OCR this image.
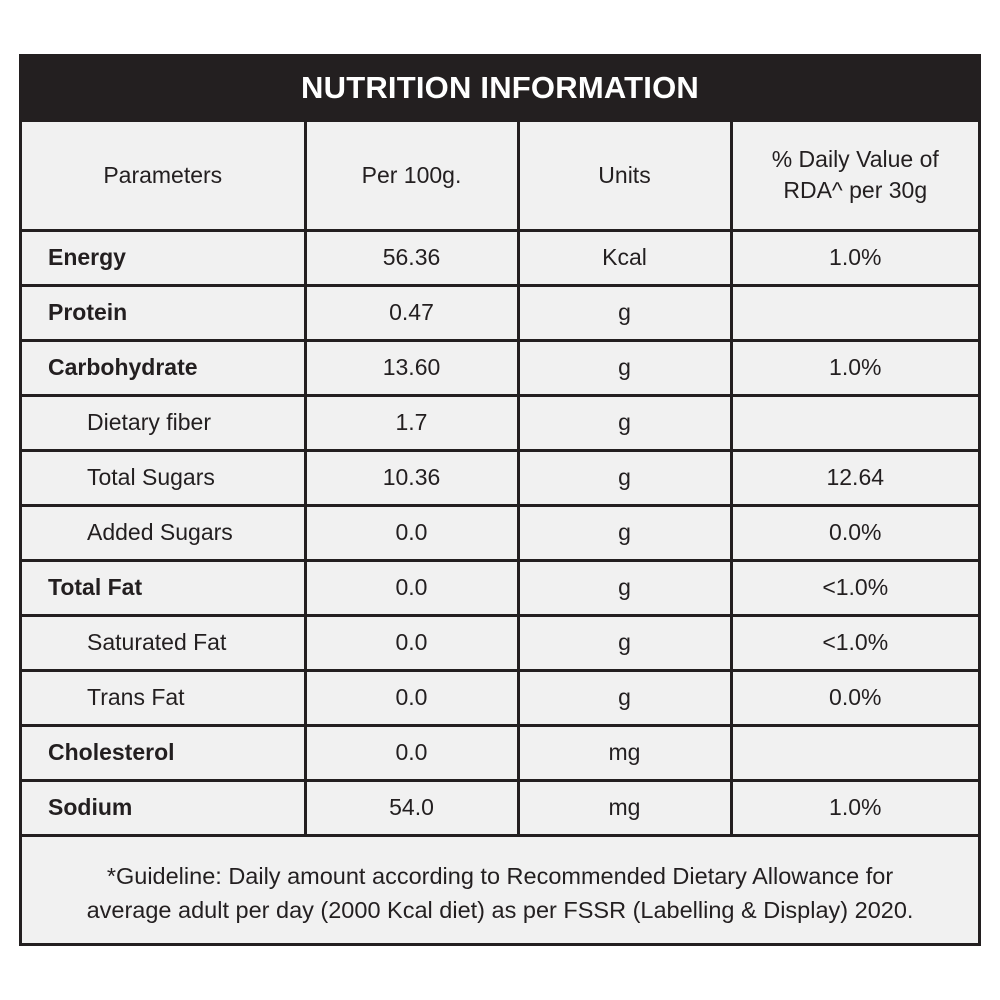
NUTRITION INFORMATION
Parameters	Per 100g.	Units	% Daily Value of RDA^ per 30g
Energy	56.36	Kcal	1.0%
Protein	0.47	g	
Carbohydrate	13.60	g	1.0%
Dietary fiber	1.7	g	
Total Sugars	10.36	g	12.64
Added Sugars	0.0	g	0.0%
Total Fat	0.0	g	<1.0%
Saturated Fat	0.0	g	<1.0%
Trans Fat	0.0	g	0.0%
Cholesterol	0.0	mg	
Sodium	54.0	mg	1.0%
*Guideline: Daily amount according to Recommended Dietary Allowance for
average adult per day (2000 Kcal diet) as per FSSR (Labelling & Display) 2020.
